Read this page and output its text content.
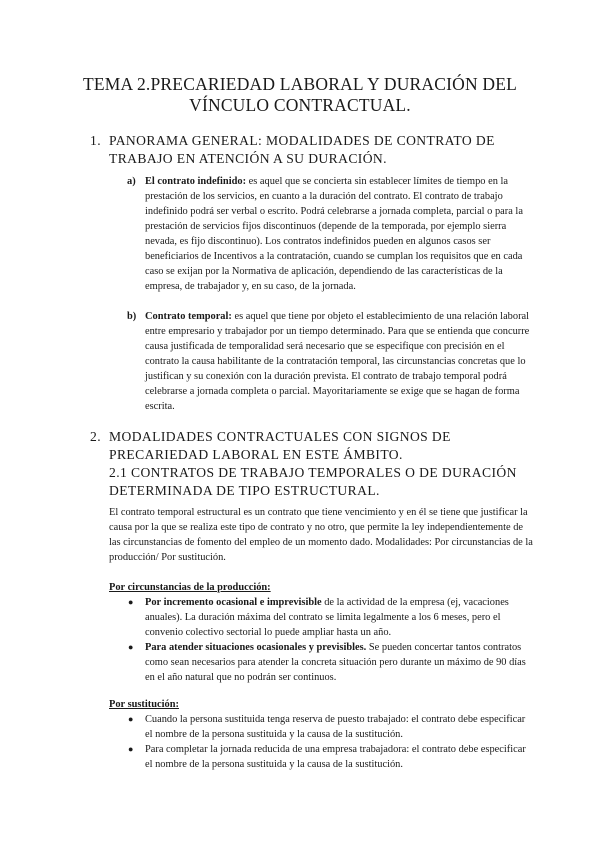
TEMA 2.PRECARIEDAD LABORAL Y DURACIÓN DEL
VÍNCULO CONTRACTUAL.
1. PANORAMA GENERAL: MODALIDADES DE CONTRATO DE
TRABAJO EN ATENCIÓN A SU DURACIÓN.
a) El contrato indefinido: es aquel que se concierta sin establecer límites de tiempo en la prestación de los servicios, en cuanto a la duración del contrato. El contrato de trabajo indefinido podrá ser verbal o escrito. Podrá celebrarse a jornada completa, parcial o para la prestación de servicios fijos discontinuos (depende de la temporada, por ejemplo sierra nevada, es fijo discontinuo). Los contratos indefinidos pueden en algunos casos ser beneficiarios de Incentivos a la contratación, cuando se cumplan los requisitos que en cada caso se exijan por la Normativa de aplicación, dependiendo de las características de la empresa, de trabajador y, en su caso, de la jornada.
b) Contrato temporal: es aquel que tiene por objeto el establecimiento de una relación laboral entre empresario y trabajador por un tiempo determinado. Para que se entienda que concurre causa justificada de temporalidad será necesario que se especifique con precisión en el contrato la causa habilitante de la contratación temporal, las circunstancias concretas que lo justifican y su conexión con la duración prevista. El contrato de trabajo temporal podrá celebrarse a jornada completa o parcial. Mayoritariamente se exige que se hagan de forma escrita.
2. MODALIDADES CONTRACTUALES CON SIGNOS DE
PRECARIEDAD LABORAL EN ESTE ÁMBITO.
2.1 CONTRATOS DE TRABAJO TEMPORALES O DE DURACIÓN
DETERMINADA DE TIPO ESTRUCTURAL.
El contrato temporal estructural es un contrato que tiene vencimiento y en él se tiene que justificar la causa por la que se realiza este tipo de contrato y no otro, que permite la ley independientemente de las circunstancias de fomento del empleo de un momento dado. Modalidades: Por circunstancias de la producción/ Por sustitución.
Por circunstancias de la producción:
● Por incremento ocasional e imprevisible de la actividad de la empresa (ej, vacaciones anuales). La duración máxima del contrato se limita legalmente a los 6 meses, pero el convenio colectivo sectorial lo puede ampliar hasta un año.
● Para atender situaciones ocasionales y previsibles. Se pueden concertar tantos contratos como sean necesarios para atender la concreta situación pero durante un máximo de 90 días en el año natural que no podrán ser continuos.
Por sustitución:
● Cuando la persona sustituida tenga reserva de puesto trabajado: el contrato debe especificar el nombre de la persona sustituida y la causa de la sustitución.
● Para completar la jornada reducida de una empresa trabajadora: el contrato debe especificar el nombre de la persona sustituida y la causa de la sustitución.
